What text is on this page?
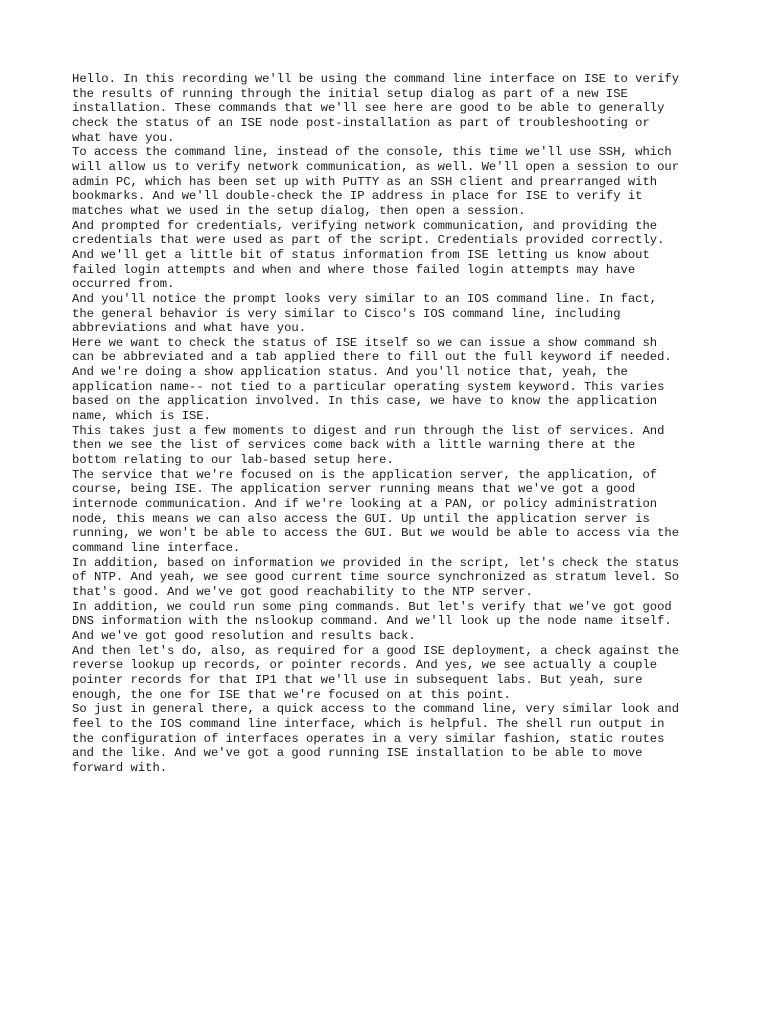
Hello. In this recording we'll be using the command line interface on ISE to verify
the results of running through the initial setup dialog as part of a new ISE
installation. These commands that we'll see here are good to be able to generally
check the status of an ISE node post-installation as part of troubleshooting or
what have you.

To access the command line, instead of the console, this time we'll use SSH, which
will allow us to verify network communication, as well. We'll open a session to our
admin PC, which has been set up with PuTTY as an SSH client and prearranged with
bookmarks. And we'll double-check the IP address in place for ISE to verify it
matches what we used in the setup dialog, then open a session.

And prompted for credentials, verifying network communication, and providing the
credentials that were used as part of the script. Credentials provided correctly.
And we'll get a little bit of status information from ISE letting us know about
failed login attempts and when and where those failed login attempts may have
occurred from.

And you'll notice the prompt looks very similar to an IOS command line. In fact,
the general behavior is very similar to Cisco's IOS command line, including
abbreviations and what have you.

Here we want to check the status of ISE itself so we can issue a show command sh
can be abbreviated and a tab applied there to fill out the full keyword if needed.
And we're doing a show application status. And you'll notice that, yeah, the
application name-- not tied to a particular operating system keyword. This varies
based on the application involved. In this case, we have to know the application
name, which is ISE.

This takes just a few moments to digest and run through the list of services. And
then we see the list of services come back with a little warning there at the
bottom relating to our lab-based setup here.

The service that we're focused on is the application server, the application, of
course, being ISE. The application server running means that we've got a good
internode communication. And if we're looking at a PAN, or policy administration
node, this means we can also access the GUI. Up until the application server is
running, we won't be able to access the GUI. But we would be able to access via the
command line interface.

In addition, based on information we provided in the script, let's check the status
of NTP. And yeah, we see good current time source synchronized as stratum level. So
that's good. And we've got good reachability to the NTP server.

In addition, we could run some ping commands. But let's verify that we've got good
DNS information with the nslookup command. And we'll look up the node name itself.
And we've got good resolution and results back.

And then let's do, also, as required for a good ISE deployment, a check against the
reverse lookup up records, or pointer records. And yes, we see actually a couple
pointer records for that IP1 that we'll use in subsequent labs. But yeah, sure
enough, the one for ISE that we're focused on at this point.

So just in general there, a quick access to the command line, very similar look and
feel to the IOS command line interface, which is helpful. The shell run output in
the configuration of interfaces operates in a very similar fashion, static routes
and the like. And we've got a good running ISE installation to be able to move
forward with.
